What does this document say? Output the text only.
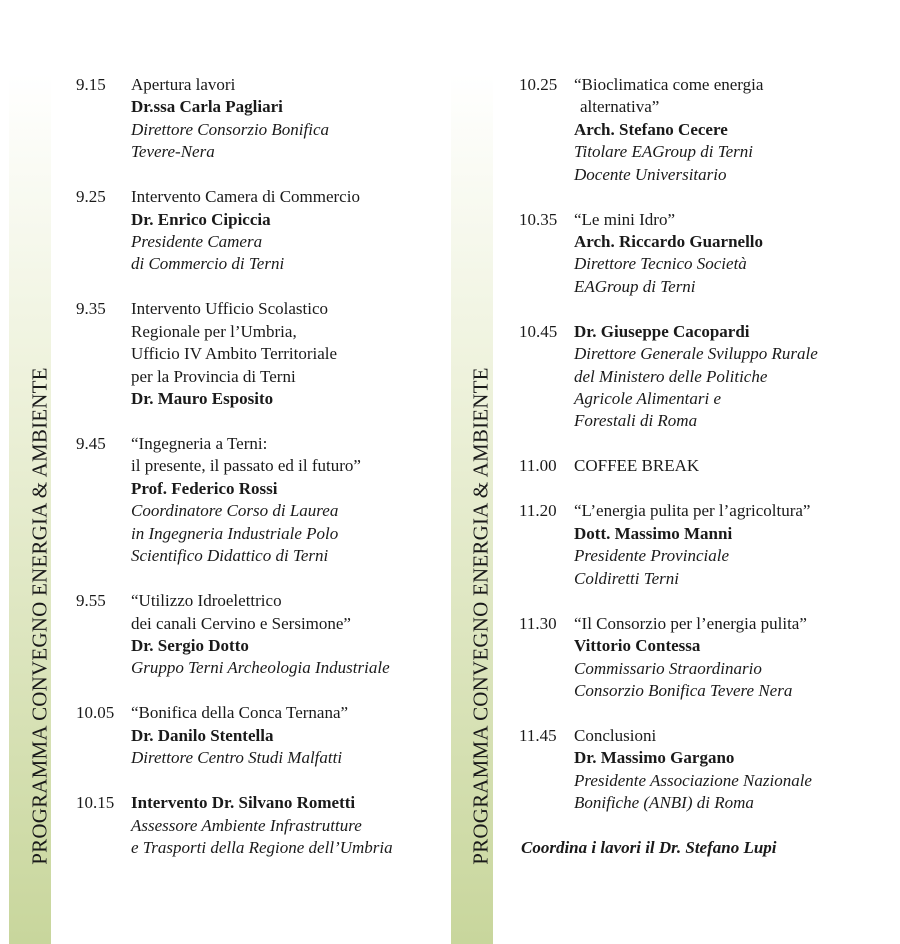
PROGRAMMA CONVEGNO ENERGIA & AMBIENTE	PROGRAMMA CONVEGNO ENERGIA & AMBIENTE
9.15	Apertura lavori
Dr.ssa Carla Pagliari
Direttore Consorzio Bonifica
Tevere-Nera
9.25	Intervento Camera di Commercio
Dr. Enrico Cipiccia
Presidente Camera
di Commercio di Terni
9.35	Intervento Ufficio Scolastico
Regionale per l’Umbria,
Ufficio IV Ambito Territoriale
per la Provincia di Terni
Dr. Mauro Esposito
9.45	“Ingegneria a Terni:
il presente, il passato ed il futuro”
Prof. Federico Rossi
Coordinatore Corso di Laurea
in Ingegneria Industriale Polo
Scientifico Didattico di Terni
9.55	“Utilizzo Idroelettrico
dei canali Cervino e Sersimone”
Dr. Sergio Dotto
Gruppo Terni Archeologia Industriale
10.05 “Bonifica della Conca Ternana”
Dr. Danilo Stentella
Direttore Centro Studi Malfatti
10.15 Intervento Dr. Silvano Rometti
Assessore Ambiente Infrastrutture
e Trasporti della Regione dell’Umbria
10.25 “Bioclimatica come energia
alternativa”
Arch. Stefano Cecere
Titolare EAGroup di Terni
Docente Universitario
10.35 “Le mini Idro”
Arch. Riccardo Guarnello
Direttore Tecnico Società
EAGroup di Terni
10.45 Dr. Giuseppe Cacopardi
Direttore Generale Sviluppo Rurale
del Ministero delle Politiche
Agricole Alimentari e
Forestali di Roma
11.00	COFFEE BREAK
11.20	“L’energia pulita per l’agricoltura”
Dott. Massimo Manni
Presidente Provinciale
Coldiretti Terni
11.30	“Il Consorzio per l’energia pulita”
Vittorio Contessa
Commissario Straordinario
Consorzio Bonifica Tevere Nera
11.45	Conclusioni
Dr. Massimo Gargano
Presidente Associazione Nazionale
Bonifiche (ANBI) di Roma
Coordina i lavori il Dr. Stefano Lupi
